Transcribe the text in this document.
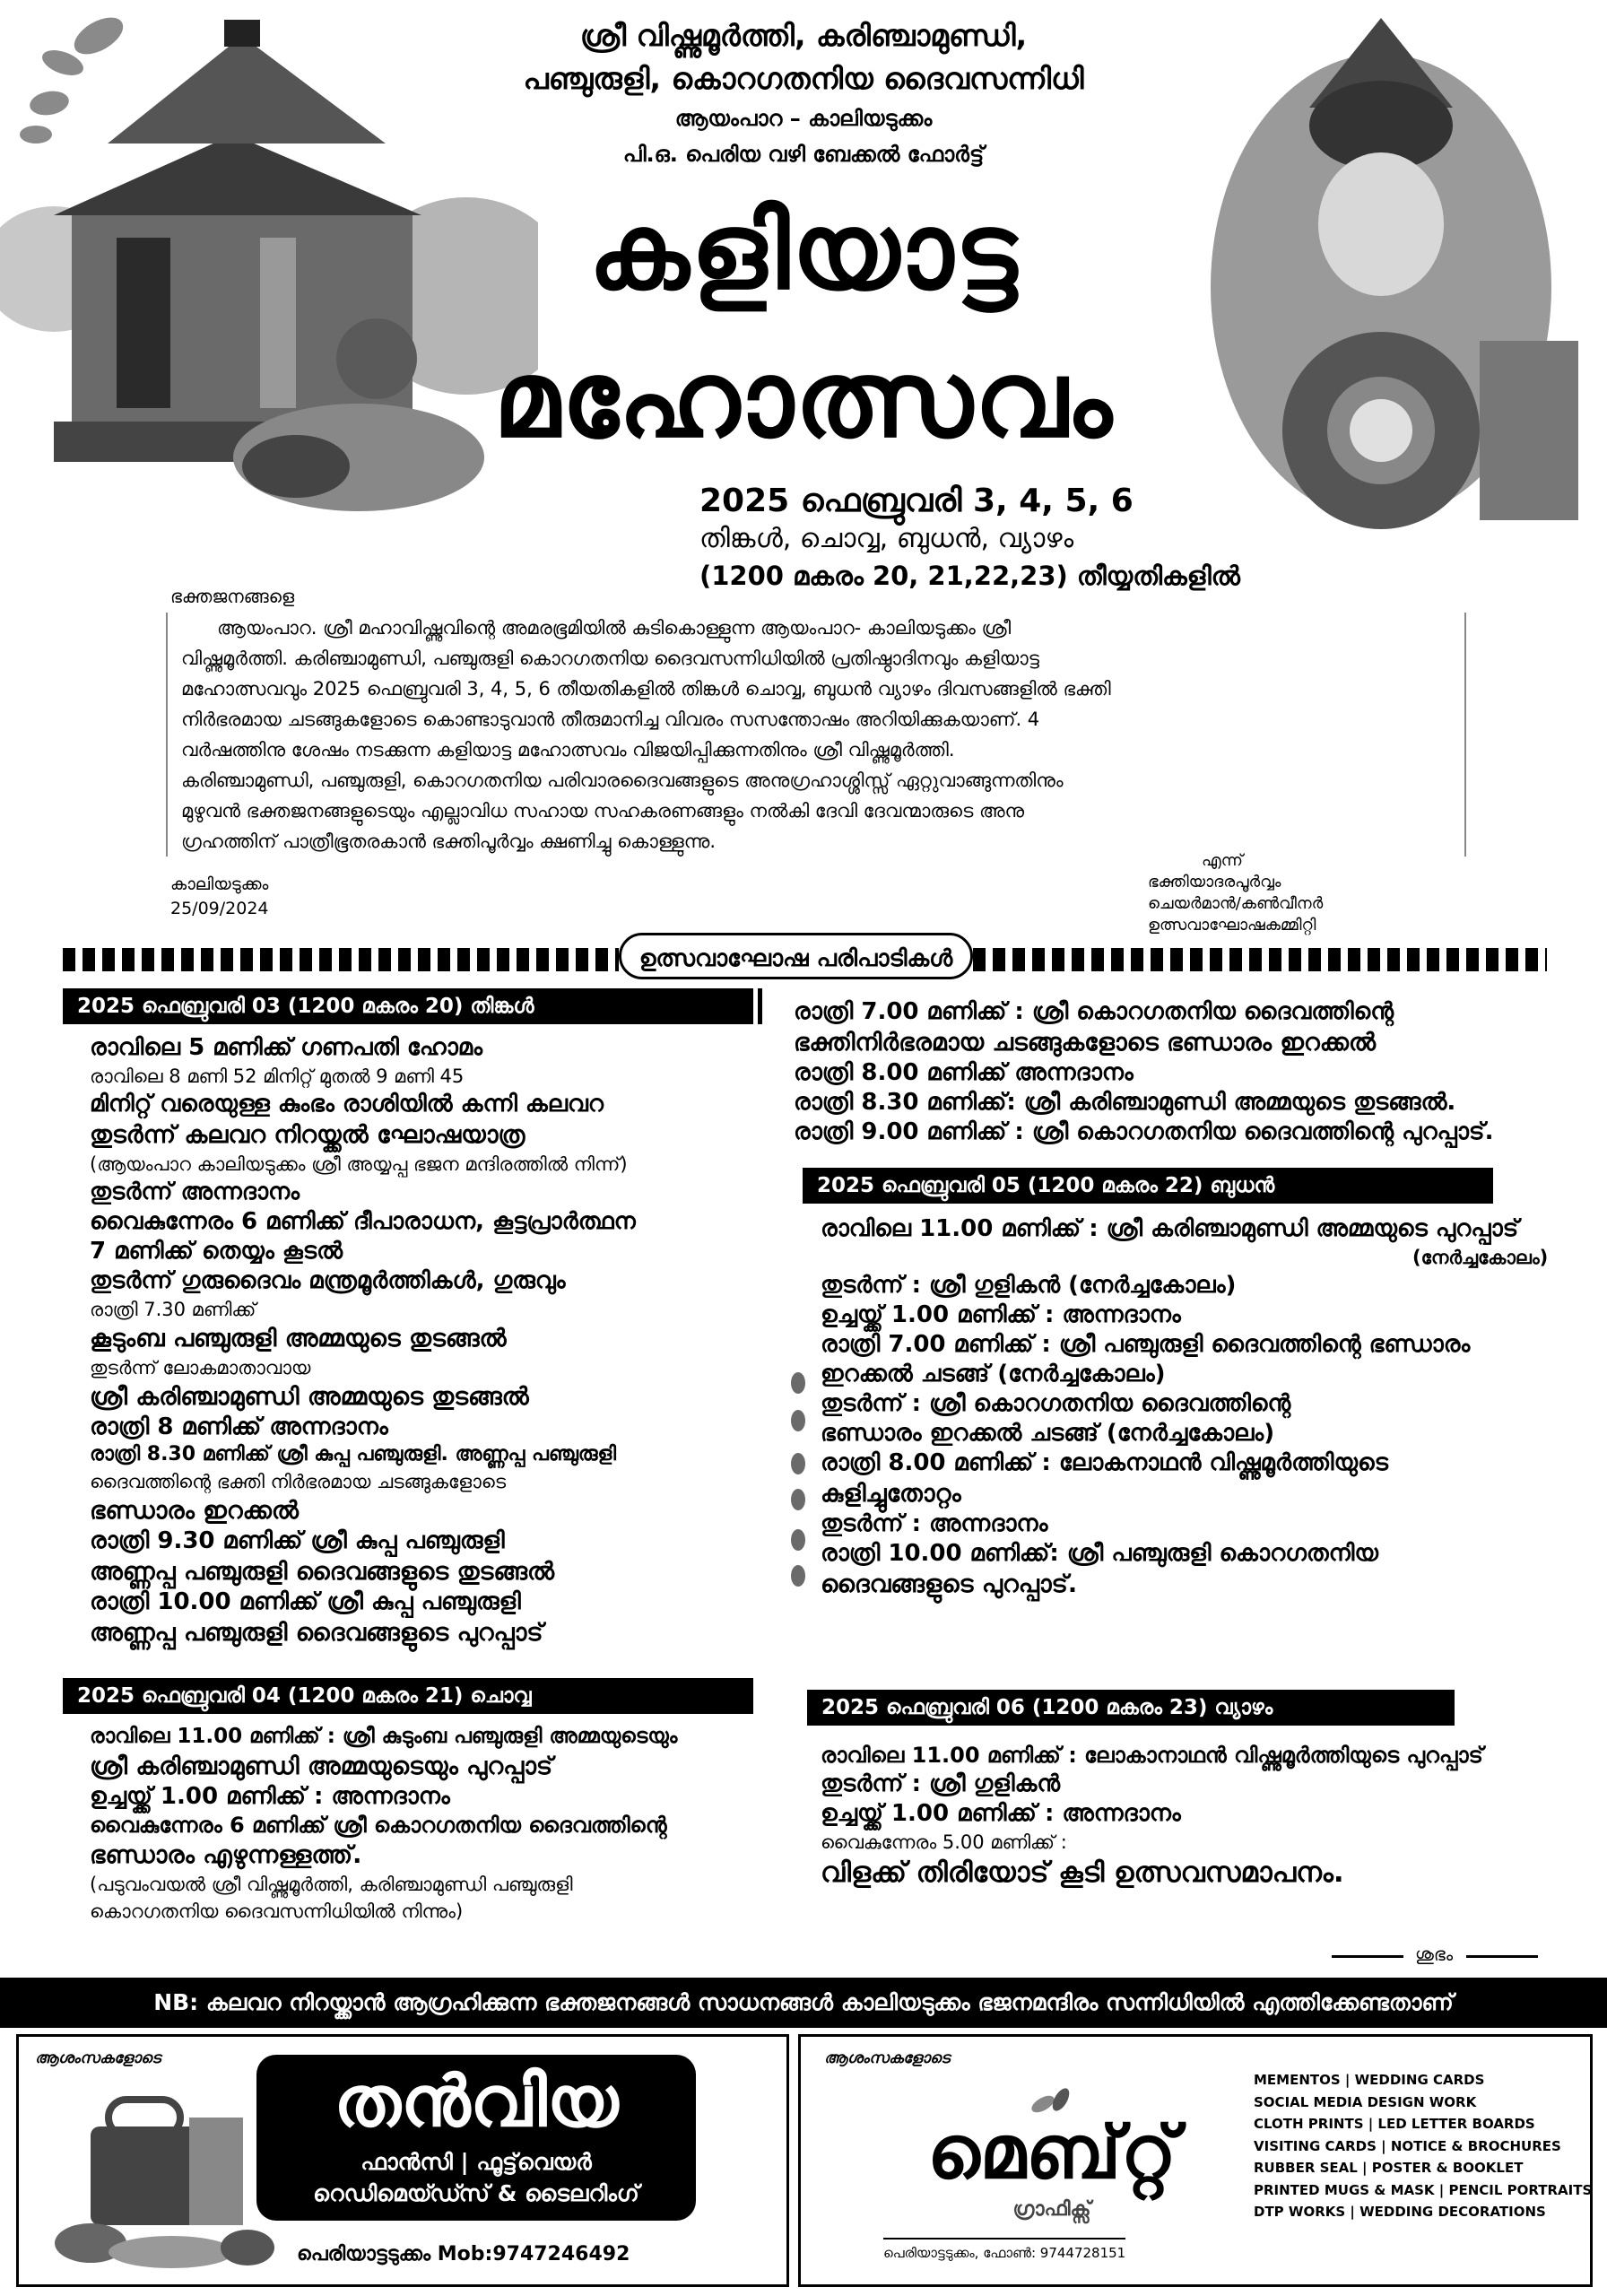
ശ്രീ വിഷ്ണുമൂർത്തി, കരിഞ്ചാമുണ്ഡി,
പഞ്ചുരുളി, കൊറഗതനിയ ദൈവസന്നിധി
ആയംപാറ – കാലിയടുക്കം
പി.ഒ. പെരിയ വഴി ബേക്കൽ ഫോർട്ട്
കളിയാട്ട
മഹോത്സവം
2025 ഫെബ്രുവരി 3, 4, 5, 6
തിങ്കൾ, ചൊവ്വ, ബുധൻ, വ്യാഴം
(1200 മകരം 20, 21,22,23) തീയ്യതികളിൽ
ഭക്തജനങ്ങളെ
ആയംപാറ. ശ്രീ മഹാവിഷ്ണുവിന്റെ അമരഭൂമിയിൽ കുടികൊള്ളുന്ന ആയംപാറ- കാലിയടുക്കം ശ്രീ
വിഷ്ണുമൂർത്തി. കരിഞ്ചാമുണ്ഡി, പഞ്ചുരുളി കൊറഗതനിയ ദൈവസന്നിധിയിൽ പ്രതിഷ്ഠാദിനവും കളിയാട്ട
മഹോത്സവവും 2025 ഫെബ്രുവരി 3, 4, 5, 6 തീയതികളിൽ തിങ്കൾ ചൊവ്വ, ബുധൻ വ്യാഴം ദിവസങ്ങളിൽ ഭക്തി
നിർഭരമായ ചടങ്ങുകളോടെ കൊണ്ടാടുവാൻ തീരുമാനിച്ച വിവരം സസന്തോഷം അറിയിക്കുകയാണ്. 4
വർഷത്തിനു ശേഷം നടക്കുന്ന കളിയാട്ട മഹോത്സവം വിജയിപ്പിക്കുന്നതിനും ശ്രീ വിഷ്ണുമൂർത്തി.
കരിഞ്ചാമുണ്ഡി, പഞ്ചുരുളി, കൊറഗതനിയ പരിവാരദൈവങ്ങളുടെ അനുഗ്രഹാശ്ശിസ്സ് ഏറ്റുവാങ്ങുന്നതിനും
മുഴുവൻ ഭക്തജനങ്ങളുടെയും എല്ലാവിധ സഹായ സഹകരണങ്ങളും നൽകി ദേവി ദേവന്മാരുടെ അനു
ഗ്രഹത്തിന് പാത്രീഭൂതരകാൻ ഭക്തിപൂർവ്വം ക്ഷണിച്ചു കൊള്ളുന്നു.
കാലിയടുക്കം
25/09/2024
എന്ന്
ഭക്തിയാദരപൂർവ്വം
ചെയർമാൻ/കൺവീനർ
ഉത്സവാഘോഷകമ്മിറ്റി
ഉത്സവാഘോഷ പരിപാടികൾ
2025 ഫെബ്രുവരി 03 (1200 മകരം 20) തിങ്കൾ
രാവിലെ 5 മണിക്ക് ഗണപതി ഹോമം
രാവിലെ 8 മണി 52 മിനിറ്റ് മുതൽ 9 മണി 45
മിനിറ്റ് വരെയുള്ള കുംഭം രാശിയിൽ കന്നി കലവറ
തുടർന്ന് കലവറ നിറയ്ക്കൽ ഘോഷയാത്ര
(ആയംപാറ കാലിയടുക്കം ശ്രീ അയ്യപ്പ ഭജന മന്ദിരത്തിൽ നിന്ന്)
തുടർന്ന് അന്നദാനം
വൈകുന്നേരം 6 മണിക്ക് ദീപാരാധന, കൂട്ടപ്രാർത്ഥന
7 മണിക്ക് തെയ്യം കൂടൽ
തുടർന്ന് ഗുരുദൈവം മന്ത്രമൂർത്തികൾ, ഗുരുവും
രാത്രി 7.30 മണിക്ക്
കൂടുംബ പഞ്ചുരുളി അമ്മയുടെ തുടങ്ങൽ
തുടർന്ന് ലോകമാതാവായ
ശ്രീ കരിഞ്ചാമുണ്ഡി അമ്മയുടെ തുടങ്ങൽ
രാത്രി 8 മണിക്ക് അന്നദാനം
രാത്രി 8.30 മണിക്ക് ശ്രീ കുപ്പ പഞ്ചുരുളി. അണ്ണപ്പ പഞ്ചുരുളി
ദൈവത്തിന്റെ ഭക്തി നിർഭരമായ ചടങ്ങുകളോടെ
ഭണ്ഡാരം ഇറക്കൽ
രാത്രി 9.30 മണിക്ക് ശ്രീ കുപ്പ പഞ്ചുരുളി
അണ്ണപ്പ പഞ്ചുരുളി ദൈവങ്ങളുടെ തുടങ്ങൽ
രാത്രി 10.00 മണിക്ക് ശ്രീ കുപ്പ പഞ്ചുരുളി
അണ്ണപ്പ പഞ്ചുരുളി ദൈവങ്ങളുടെ പുറപ്പാട്
2025 ഫെബ്രുവരി 04 (1200 മകരം 21) ചൊവ്വ
രാവിലെ 11.00 മണിക്ക് : ശ്രീ കുടുംബ പഞ്ചുരുളി അമ്മയുടെയും
ശ്രീ കരിഞ്ചാമുണ്ഡി അമ്മയുടെയും പുറപ്പാട്
ഉച്ചയ്ക്ക് 1.00 മണിക്ക് : അന്നദാനം
വൈകുന്നേരം 6 മണിക്ക് ശ്രീ കൊറഗതനിയ ദൈവത്തിന്റെ
ഭണ്ഡാരം എഴുന്നള്ളത്ത്.
(പടുവംവയൽ ശ്രീ വിഷ്ണുമൂർത്തി, കരിഞ്ചാമുണ്ഡി പഞ്ചുരുളി
കൊറഗതനിയ ദൈവസന്നിധിയിൽ നിന്നും)
രാത്രി 7.00 മണിക്ക് : ശ്രീ കൊറഗതനിയ ദൈവത്തിന്റെ
ഭക്തിനിർഭരമായ ചടങ്ങുകളോടെ ഭണ്ഡാരം ഇറക്കൽ
രാത്രി 8.00 മണിക്ക് അന്നദാനം
രാത്രി 8.30 മണിക്ക്: ശ്രീ കരിഞ്ചാമുണ്ഡി അമ്മയുടെ തുടങ്ങൽ.
രാത്രി 9.00 മണിക്ക് : ശ്രീ കൊറഗതനിയ ദൈവത്തിന്റെ പുറപ്പാട്.
2025 ഫെബ്രുവരി 05 (1200 മകരം 22) ബുധൻ
രാവിലെ 11.00 മണിക്ക് : ശ്രീ കരിഞ്ചാമുണ്ഡി അമ്മയുടെ പുറപ്പാട്
(നേർച്ചകോലം)
തുടർന്ന് : ശ്രീ ഗുളികൻ (നേർച്ചകോലം)
ഉച്ചയ്ക്ക് 1.00 മണിക്ക് : അന്നദാനം
രാത്രി 7.00 മണിക്ക് : ശ്രീ പഞ്ചുരുളി ദൈവത്തിന്റെ ഭണ്ഡാരം
ഇറക്കൽ ചടങ്ങ് (നേർച്ചകോലം)
തുടർന്ന് : ശ്രീ കൊറഗതനിയ ദൈവത്തിന്റെ
ഭണ്ഡാരം ഇറക്കൽ ചടങ്ങ് (നേർച്ചകോലം)
രാത്രി 8.00 മണിക്ക് : ലോകനാഥൻ വിഷ്ണുമൂർത്തിയുടെ
കുളിച്ചുതോറ്റം
തുടർന്ന് : അന്നദാനം
രാത്രി 10.00 മണിക്ക്: ശ്രീ പഞ്ചുരുളി കൊറഗതനിയ
ദൈവങ്ങളുടെ പുറപ്പാട്.
2025 ഫെബ്രുവരി 06 (1200 മകരം 23) വ്യാഴം
രാവിലെ 11.00 മണിക്ക് : ലോകാനാഥൻ വിഷ്ണുമൂർത്തിയുടെ പുറപ്പാട്
തുടർന്ന് : ശ്രീ ഗുളികൻ
ഉച്ചയ്ക്ക് 1.00 മണിക്ക് : അന്നദാനം
വൈകുന്നേരം 5.00 മണിക്ക് :
വിളക്ക് തിരിയോട് കൂടി ഉത്സവസമാപനം.
ശുഭം
NB: കലവറ നിറയ്ക്കാൻ ആഗ്രഹിക്കുന്ന ഭക്തജനങ്ങൾ സാധനങ്ങൾ കാലിയടുക്കം ഭജനമന്ദിരം സന്നിധിയിൽ എത്തിക്കേണ്ടതാണ്
ആശംസകളോടെ
തൻവിയ
ഫാൻസി | ഫൂട്ട്‌വെയർ
റെഡിമെയ്ഡ്സ് & ടൈലറിംഗ്
പെരിയാട്ടടുക്കം Mob:9747246492
ആശംസകളോടെ
മെബ്റ്റ്
ഗ്രാഫിക്സ്
പെരിയാട്ടടുക്കം, ഫോൺ: 9744728151
MEMENTOS | WEDDING CARDS
SOCIAL MEDIA DESIGN WORK
CLOTH PRINTS | LED LETTER BOARDS
VISITING CARDS | NOTICE & BROCHURES
RUBBER SEAL | POSTER & BOOKLET
PRINTED MUGS & MASK | PENCIL PORTRAITS
DTP WORKS | WEDDING DECORATIONS
